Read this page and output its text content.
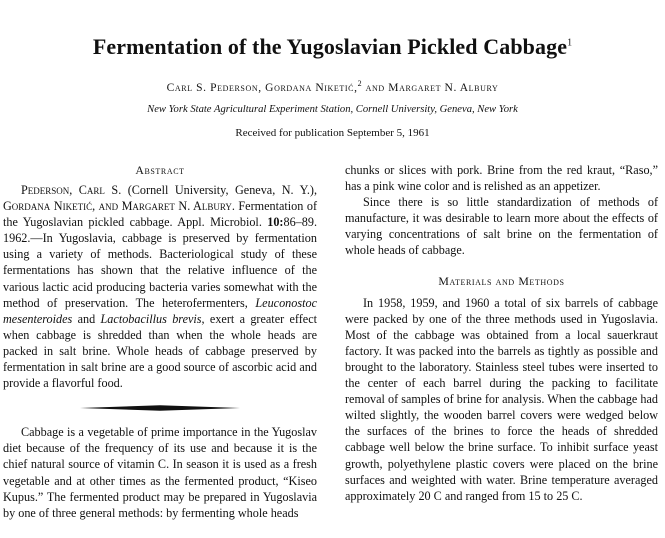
Fermentation of the Yugoslavian Pickled Cabbage$^1$
Carl S. Pederson, Gordana Niketić,$^2$ and Margaret N. Albury
New York State Agricultural Experiment Station, Cornell University, Geneva, New York
Received for publication September 5, 1961
Abstract

Pederson, Carl S. (Cornell University, Geneva, N. Y.), Gordana Niketić, and Margaret N. Albury. Fermentation of the Yugoslavian pickled cabbage. Appl. Microbiol. 10:86–89. 1962.—In Yugoslavia, cabbage is preserved by fermentation using a variety of methods. Bacteriological study of these fermentations has shown that the relative influence of the various lactic acid producing bacteria varies somewhat with the method of preservation. The heterofermenters, Leuconostoc mesenteroides and Lactobacillus brevis, exert a greater effect when cabbage is shredded than when the whole heads are packed in salt brine. Whole heads of cabbage preserved by fermentation in salt brine are a good source of ascorbic acid and provide a flavorful food.

Cabbage is a vegetable of prime importance in the Yugoslav diet because of the frequency of its use and because it is the chief natural source of vitamin C. In season it is used as a fresh vegetable and at other times as the fermented product, “Kiseo Kupus.” The fermented product may be prepared in Yugoslavia by one of three general methods: by fermenting whole heads

chunks or slices with pork. Brine from the red kraut, “Raso,” has a pink wine color and is relished as an appetizer.

Since there is so little standardization of methods of manufacture, it was desirable to learn more about the effects of varying concentrations of salt brine on the fermentation of whole heads of cabbage.

Materials and Methods

In 1958, 1959, and 1960 a total of six barrels of cabbage were packed by one of the three methods used in Yugoslavia. Most of the cabbage was obtained from a local sauerkraut factory. It was packed into the barrels as tightly as possible and brought to the laboratory. Stainless steel tubes were inserted to the center of each barrel during the packing to facilitate removal of samples of brine for analysis. When the cabbage had wilted slightly, the wooden barrel covers were wedged below the surfaces of the brines to force the heads of shredded cabbage well below the brine surface. To inhibit surface yeast growth, polyethylene plastic covers were placed on the brine surfaces and weighted with water. Brine temperature averaged approximately 20 C and ranged from 15 to 25 C.
